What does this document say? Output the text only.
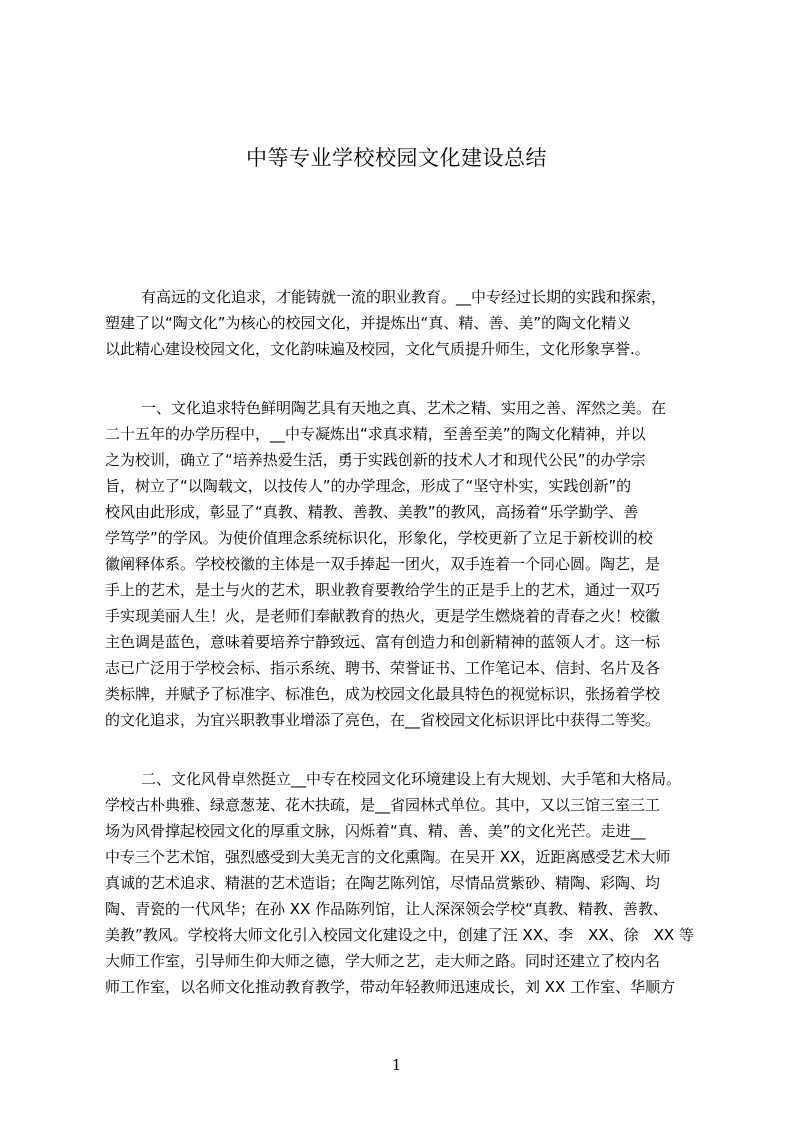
中等专业学校校园文化建设总结
有高远的文化追求，才能铸就一流的职业教育。__中专经过长期的实践和探索，
塑建了以“陶文化”为核心的校园文化，并提炼出“真、精、善、美”的陶文化精义
以此精心建设校园文化，文化韵味遍及校园，文化气质提升师生，文化形象享誉.。
一、文化追求特色鲜明陶艺具有天地之真、艺术之精、实用之善、浑然之美。在
二十五年的办学历程中，__中专凝炼出“求真求精，至善至美”的陶文化精神，并以
之为校训，确立了“培养热爱生活，勇于实践创新的技术人才和现代公民”的办学宗
旨，树立了“以陶载文，以技传人”的办学理念，形成了“坚守朴实，实践创新”的
校风由此形成，彰显了“真教、精教、善教、美教”的教风，高扬着“乐学勤学、善
学笃学”的学风。为使价值理念系统标识化，形象化，学校更新了立足于新校训的校
徽阐释体系。学校校徽的主体是一双手捧起一团火，双手连着一个同心圆。陶艺，是
手上的艺术，是土与火的艺术，职业教育要教给学生的正是手上的艺术，通过一双巧
手实现美丽人生！火，是老师们奉献教育的热火，更是学生燃烧着的青春之火！校徽
主色调是蓝色，意味着要培养宁静致远、富有创造力和创新精神的蓝领人才。这一标
志已广泛用于学校会标、指示系统、聘书、荣誉证书、工作笔记本、信封、名片及各
类标牌，并赋予了标准字、标准色，成为校园文化最具特色的视觉标识，张扬着学校
的文化追求，为宜兴职教事业增添了亮色，在__省校园文化标识评比中获得二等奖。
二、文化风骨卓然挺立__中专在校园文化环境建设上有大规划、大手笔和大格局。
学校古朴典雅、绿意葱茏、花木扶疏，是__省园林式单位。其中，又以三馆三室三工
场为风骨撑起校园文化的厚重文脉，闪烁着“真、精、善、美”的文化光芒。走进__
中专三个艺术馆，强烈感受到大美无言的文化熏陶。在吴开 XX，近距离感受艺术大师
真诚的艺术追求、精湛的艺术造诣；在陶艺陈列馆，尽情品赏紫砂、精陶、彩陶、均
陶、青瓷的一代风华；在孙 XX 作品陈列馆，让人深深领会学校“真教、精教、善教、
美教”教风。学校将大师文化引入校园文化建设之中，创建了汪 XX、李　XX、徐　XX 等
大师工作室，引导师生仰大师之德，学大师之艺，走大师之路。同时还建立了校内名
师工作室，以名师文化推动教育教学，带动年轻教师迅速成长，刘 XX 工作室、华顺方
1
